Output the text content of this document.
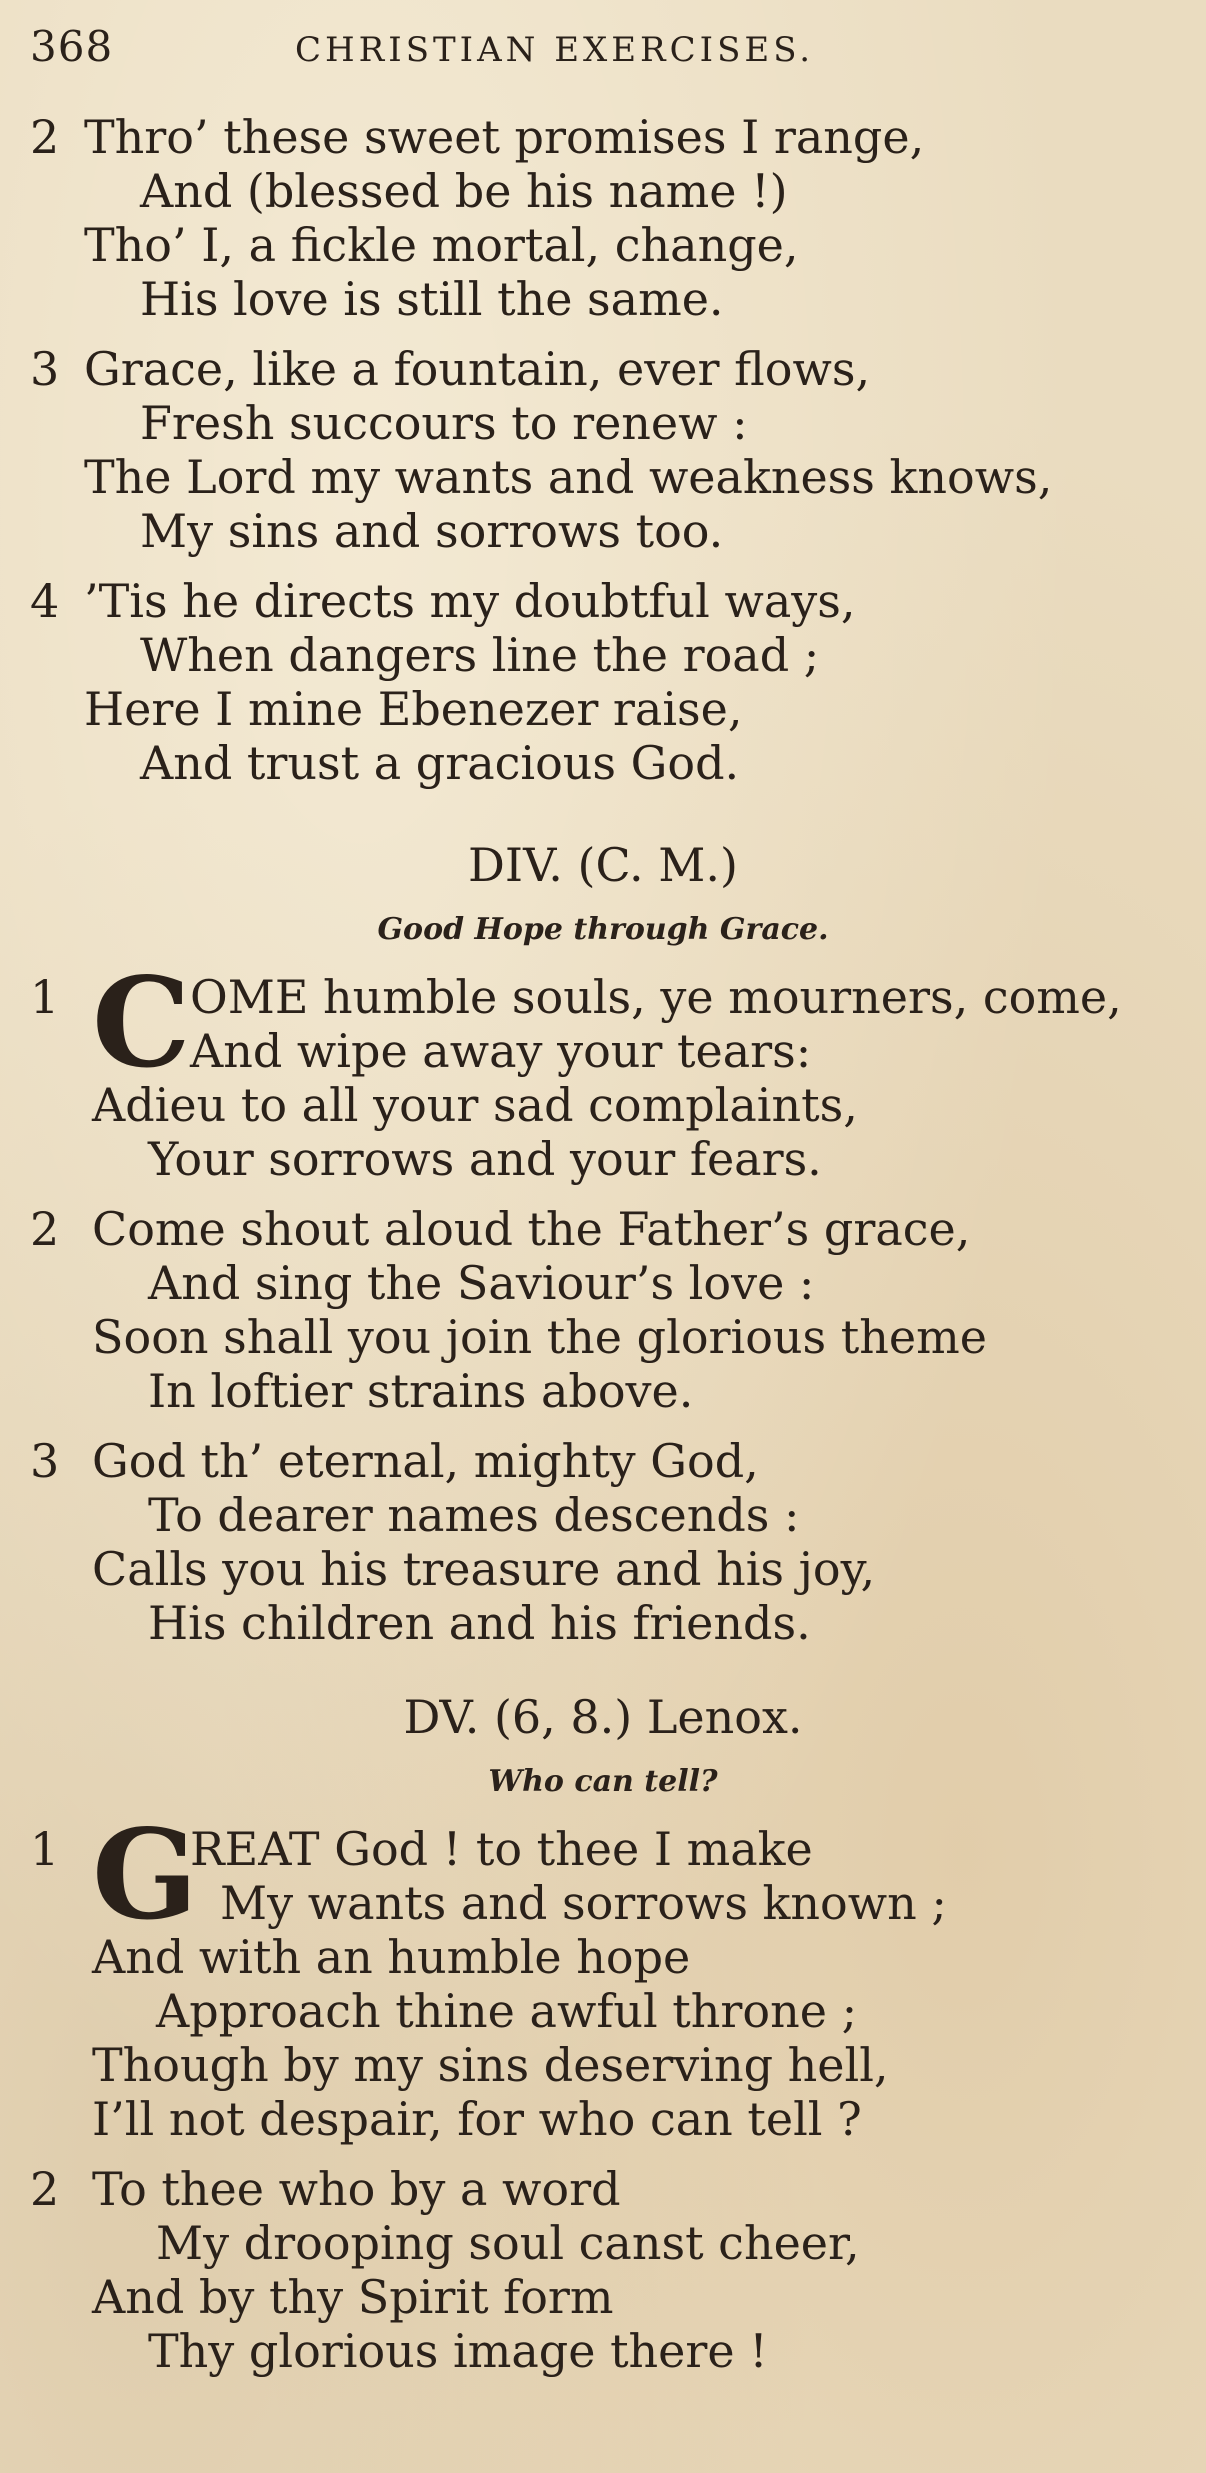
368	CHRISTIAN EXERCISES.
2 Thro’ these sweet promises I range,
And (blessed be his name !)
Tho’ I, a fickle mortal, change,
His love is still the same.
3 Grace, like a fountain, ever flows,
Fresh succours to renew :
The Lord my wants and weakness knows,
My sins and sorrows too.
4 ’Tis he directs my doubtful ways,
When dangers line the road ;
Here I mine Ebenezer raise,
And trust a gracious God.
DIV. (C. M.)
Good Hope through Grace.
1 C OME humble souls, ye mourners, come,
And wipe away your tears:
Adieu to all your sad complaints,
Your sorrows and your fears.
2 Come shout aloud the Father’s grace,
And sing the Saviour’s love :
Soon shall you join the glorious theme
In loftier strains above.
3 God th’ eternal, mighty God,
To dearer names descends :
Calls you his treasure and his joy,
His children and his friends.
DV. (6, 8.) Lenox.
Who can tell?
1 G
REAT God ! to thee I make
My wants and sorrows known ;
And with an humble hope
Approach thine awful throne ;
Though by my sins deserving hell,
I’ll not despair, for who can tell ?
2 To thee who by a word
My drooping soul canst cheer,
And by thy Spirit form
Thy glorious image there !
